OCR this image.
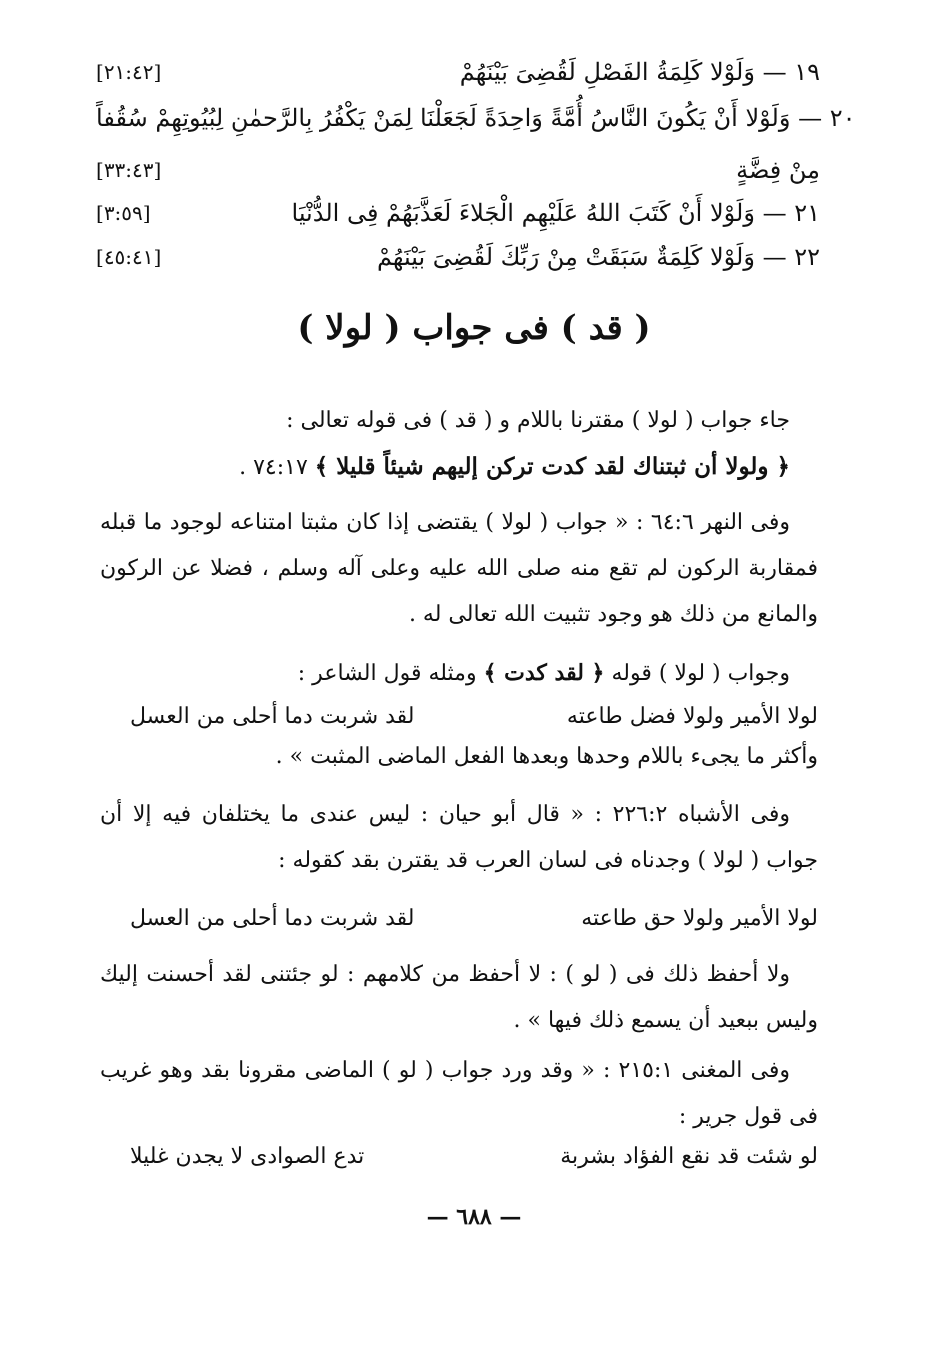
[٢١:٤٢]	١٩ — وَلَوْلا كَلِمَةُ الفَصْلِ لَقُضِىَ بَيْنَهُمْ
٢٠ — وَلَوْلا أَنْ يَكُونَ النَّاسُ أُمَّةً وَاحِدَةً لَجَعَلْنَا لِمَنْ يَكْفُرُ بِالرَّحمٰنِ لِبُيُوتِهِمْ سُقُفاً
[٣٣:٤٣]	مِنْ فِضَّةٍ
[٣:٥٩]	٢١ — وَلَوْلا أَنْ كَتَبَ اللهُ عَلَيْهِم الْجَلاءَ لَعَذَّبَهُمْ فِى الدُّنْيَا
[٤٥:٤١]	٢٢ — وَلَوْلا كَلِمَةٌ سَبَقَتْ مِنْ رَبِّكَ لَقُضِىَ بَيْنَهُمْ
( قد ) فى جواب ( لولا )
جاء جواب ( لولا ) مقترنا باللام و ( قد ) فى قوله تعالى :
﴿ ولولا أن ثبتناك لقد كدت تركن إليهم شيئاً قليلا ﴾ ٧٤:١٧ .
وفى النهر ٦٤:٦ : « جواب ( لولا ) يقتضى إذا كان مثبتا امتناعه لوجود ما قبله فمقاربة الركون لم تقع منه صلى الله عليه وعلى آله وسلم ، فضلا عن الركون والمانع من ذلك هو وجود تثبيت الله تعالى له .
وجواب ( لولا ) قوله ﴿ لقد كدت ﴾ ومثله قول الشاعر :
لقد شربت دما أحلى من العسل	لولا الأمير ولولا فضل طاعته
وأكثر ما يجىء باللام وحدها وبعدها الفعل الماضى المثبت » .
وفى الأشباه ٢٢٦:٢ : « قال أبو حيان : ليس عندى ما يختلفان فيه إلا أن جواب ( لولا ) وجدناه فى لسان العرب قد يقترن بقد كقوله :
لقد شربت دما أحلى من العسل	لولا الأمير ولولا حق طاعته
ولا أحفظ ذلك فى ( لو ) : لا أحفظ من كلامهم : لو جئتنى لقد أحسنت إليك وليس ببعيد أن يسمع ذلك فيها » .
وفى المغنى ٢١٥:١ : « وقد ورد جواب ( لو ) الماضى مقرونا بقد وهو غريب فى قول جرير :
تدع الصوادى لا يجدن غليلا	لو شئت قد نقع الفؤاد بشربة
— ٦٨٨ —
